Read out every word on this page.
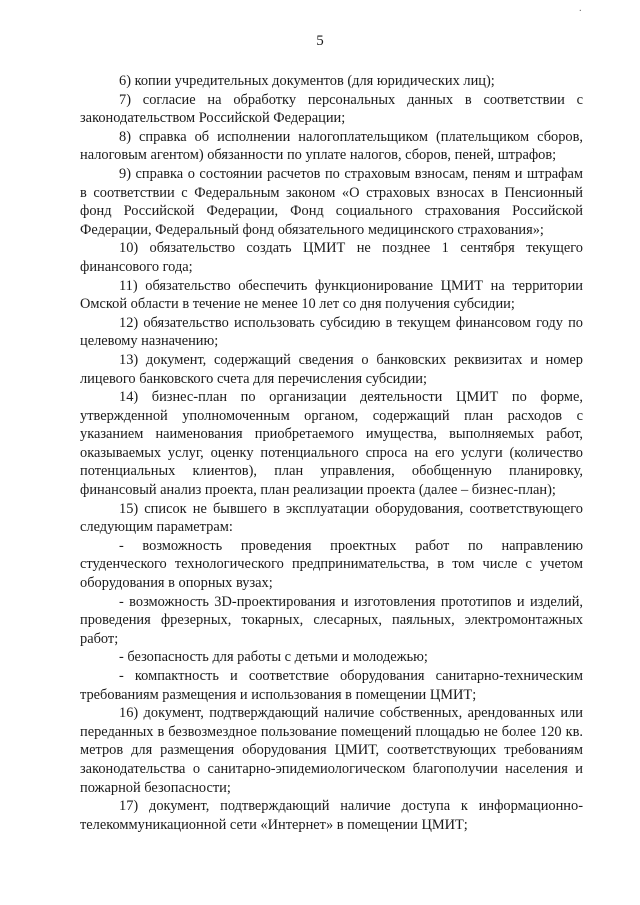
·
5

6) копии учредительных документов (для юридических лиц);

7) согласие на обработку персональных данных в соответствии с законодательством Российской Федерации;

8) справка об исполнении налогоплательщиком (плательщиком сборов, налоговым агентом) обязанности по уплате налогов, сборов, пеней, штрафов;

9) справка о состоянии расчетов по страховым взносам, пеням и штрафам в соответствии с Федеральным законом «О страховых взносах в Пенсионный фонд Российской Федерации, Фонд социального страхования Российской Федерации, Федеральный фонд обязательного медицинского страхования»;

10) обязательство создать ЦМИТ не позднее 1 сентября текущего финансового года;

11) обязательство обеспечить функционирование ЦМИТ на территории Омской области в течение не менее 10 лет со дня получения субсидии;

12) обязательство использовать субсидию в текущем финансовом году по целевому назначению;

13) документ, содержащий сведения о банковских реквизитах и номер лицевого банковского счета для перечисления субсидии;

14) бизнес-план по организации деятельности ЦМИТ по форме, утвержденной уполномоченным органом, содержащий план расходов с указанием наименования приобретаемого имущества, выполняемых работ, оказываемых услуг, оценку потенциального спроса на его услуги (количество потенциальных клиентов), план управления, обобщенную планировку, финансовый анализ проекта, план реализации проекта (далее – бизнес-план);

15) список не бывшего в эксплуатации оборудования, соответствующего следующим параметрам:

- возможность проведения проектных работ по направлению студенческого технологического предпринимательства, в том числе с учетом оборудования в опорных вузах;

- возможность 3D-проектирования и изготовления прототипов и изделий, проведения фрезерных, токарных, слесарных, паяльных, электромонтажных работ;

- безопасность для работы с детьми и молодежью;

- компактность и соответствие оборудования санитарно-техническим требованиям размещения и использования в помещении ЦМИТ;

16) документ, подтверждающий наличие собственных, арендованных или переданных в безвозмездное пользование помещений площадью не более 120 кв. метров для размещения оборудования ЦМИТ, соответствующих требованиям законодательства о санитарно-эпидемиологическом благополучии населения и пожарной безопасности;

17) документ, подтверждающий наличие доступа к информационно-телекоммуникационной сети «Интернет» в помещении ЦМИТ;
